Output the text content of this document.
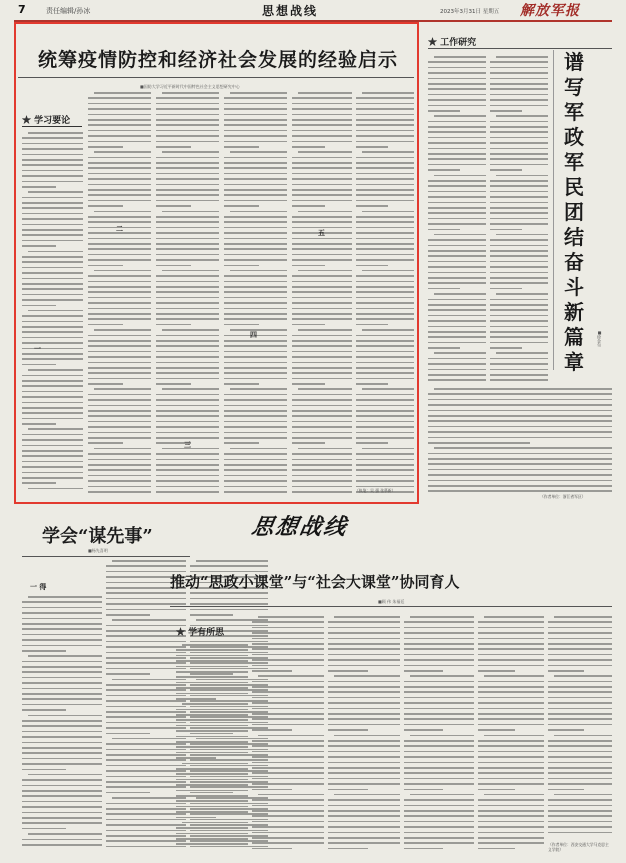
7	责任编辑/孙冰	思想战线	2023年3月31日 星期五 解放军报
统筹疫情防控和经济社会发展的经验启示
■国防大学习近平新时代中国特色社会主义思想研究中心
★ 学习要论
一
二
三
四
五
（执笔：吴 强 张慕新）
★ 工作研究
谱写军政军民团结奋斗新篇章
■徐金旬
（作者单位：浙江省军区）
学会“谋先事”
■杨先喜明
一 得
思想战线
推动“思政小课堂”与“社会大课堂”协同育人
■顾 伟 朱福廷
★ 学有所思
（作者单位：西安交通大学马克思主义学院）
